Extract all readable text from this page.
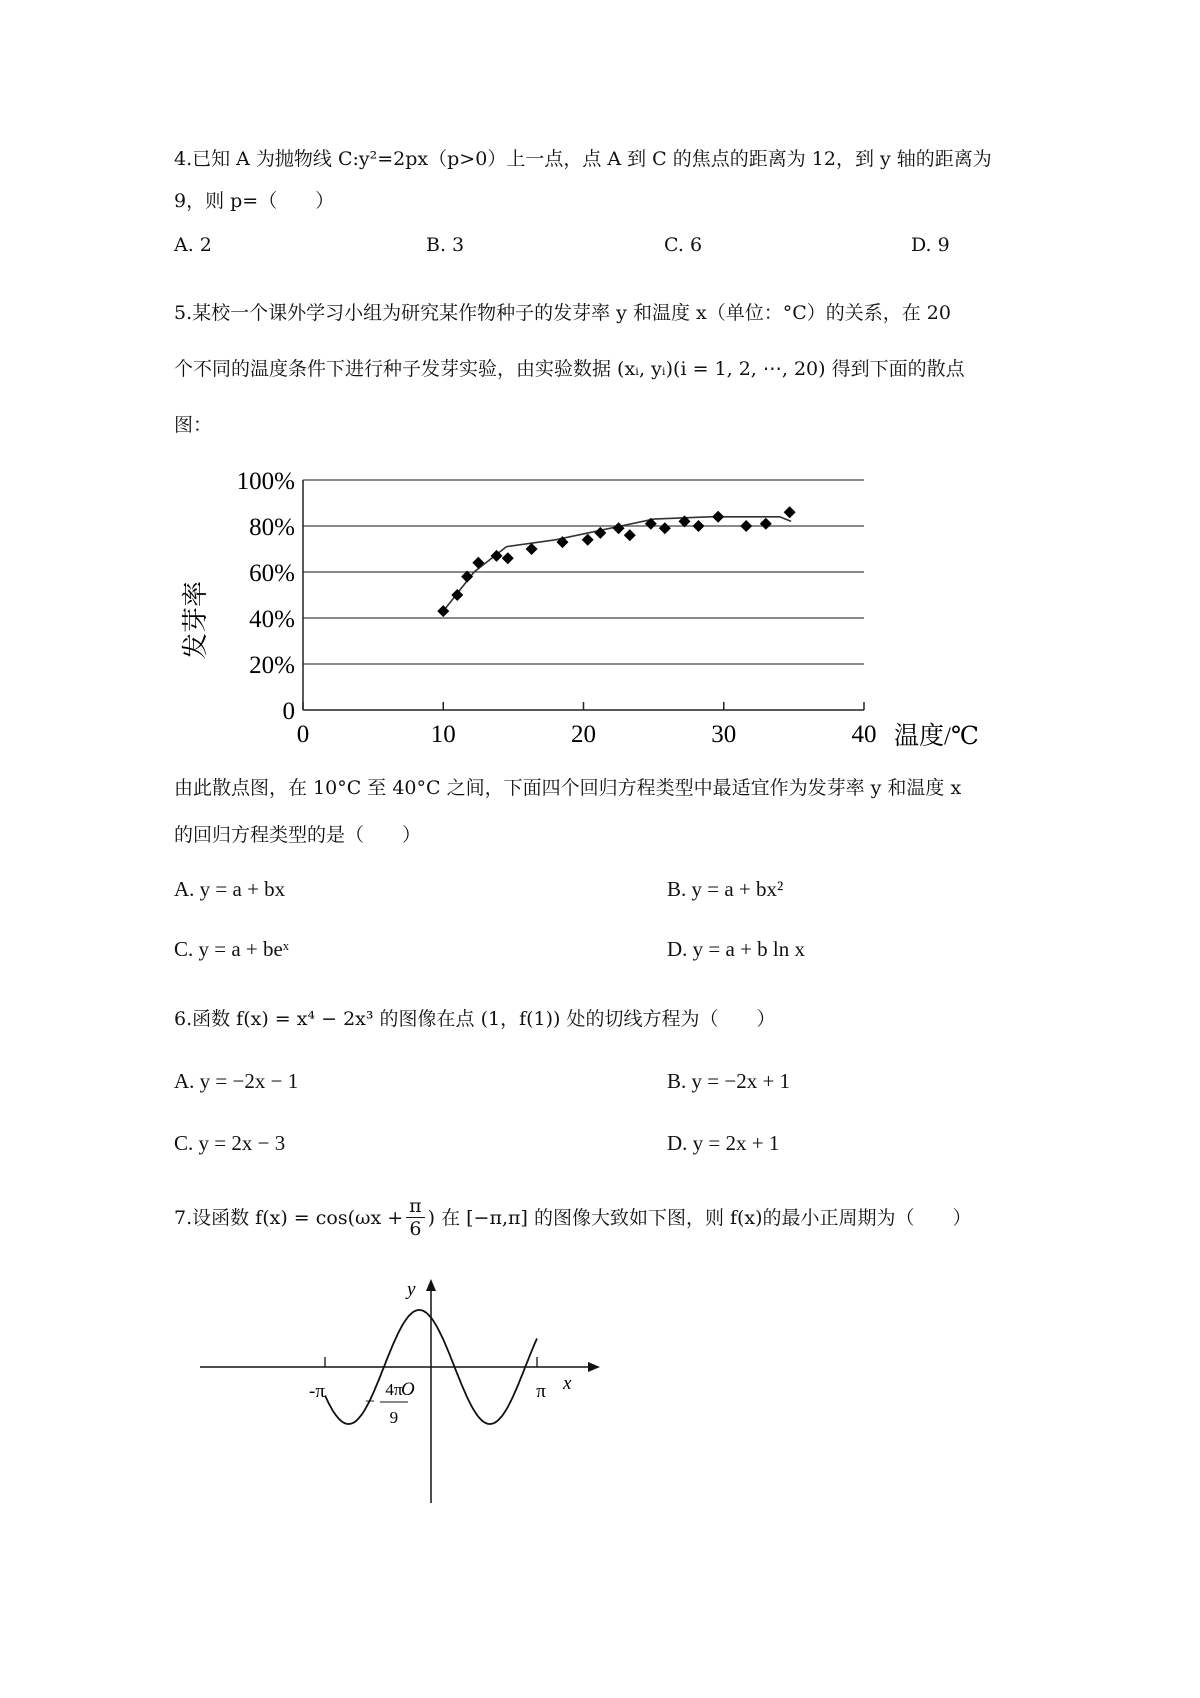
4.已知 A 为抛物线 C:y²=2px（p>0）上一点，点 A 到 C 的焦点的距离为 12，到 y 轴的距离为
9，则 p=（　　）
A. 2	B. 3	C. 6	D. 9
5.某校一个课外学习小组为研究某作物种子的发芽率 y 和温度 x（单位：°C）的关系，在 20
个不同的温度条件下进行种子发芽实验，由实验数据 (xᵢ, yᵢ)(i = 1, 2, ⋯, 20) 得到下面的散点
图：
0
20%
40%
60%
80%
100%
0	10	20	30	40 温度/℃
发芽率
由此散点图，在 10°C 至 40°C 之间，下面四个回归方程类型中最适宜作为发芽率 y 和温度 x
的回归方程类型的是（　　）
A. y = a + bx	B. y = a + bx²
C. y = a + beˣ	D. y = a + b ln x
6.函数 f(x) = x⁴ − 2x³ 的图像在点 (1，f(1)) 处的切线方程为（　　）
A. y = −2x − 1	B. y = −2x + 1
C. y = 2x − 3	D. y = 2x + 1
7.设函数 $f(x) = \cos(\omega x + \frac{\pi}{6}$ ) 在 [−π,π] 的图像大致如下图，则 f(x)的最小正周期为（　　）
-π	π x
y
O
−
4π
9
